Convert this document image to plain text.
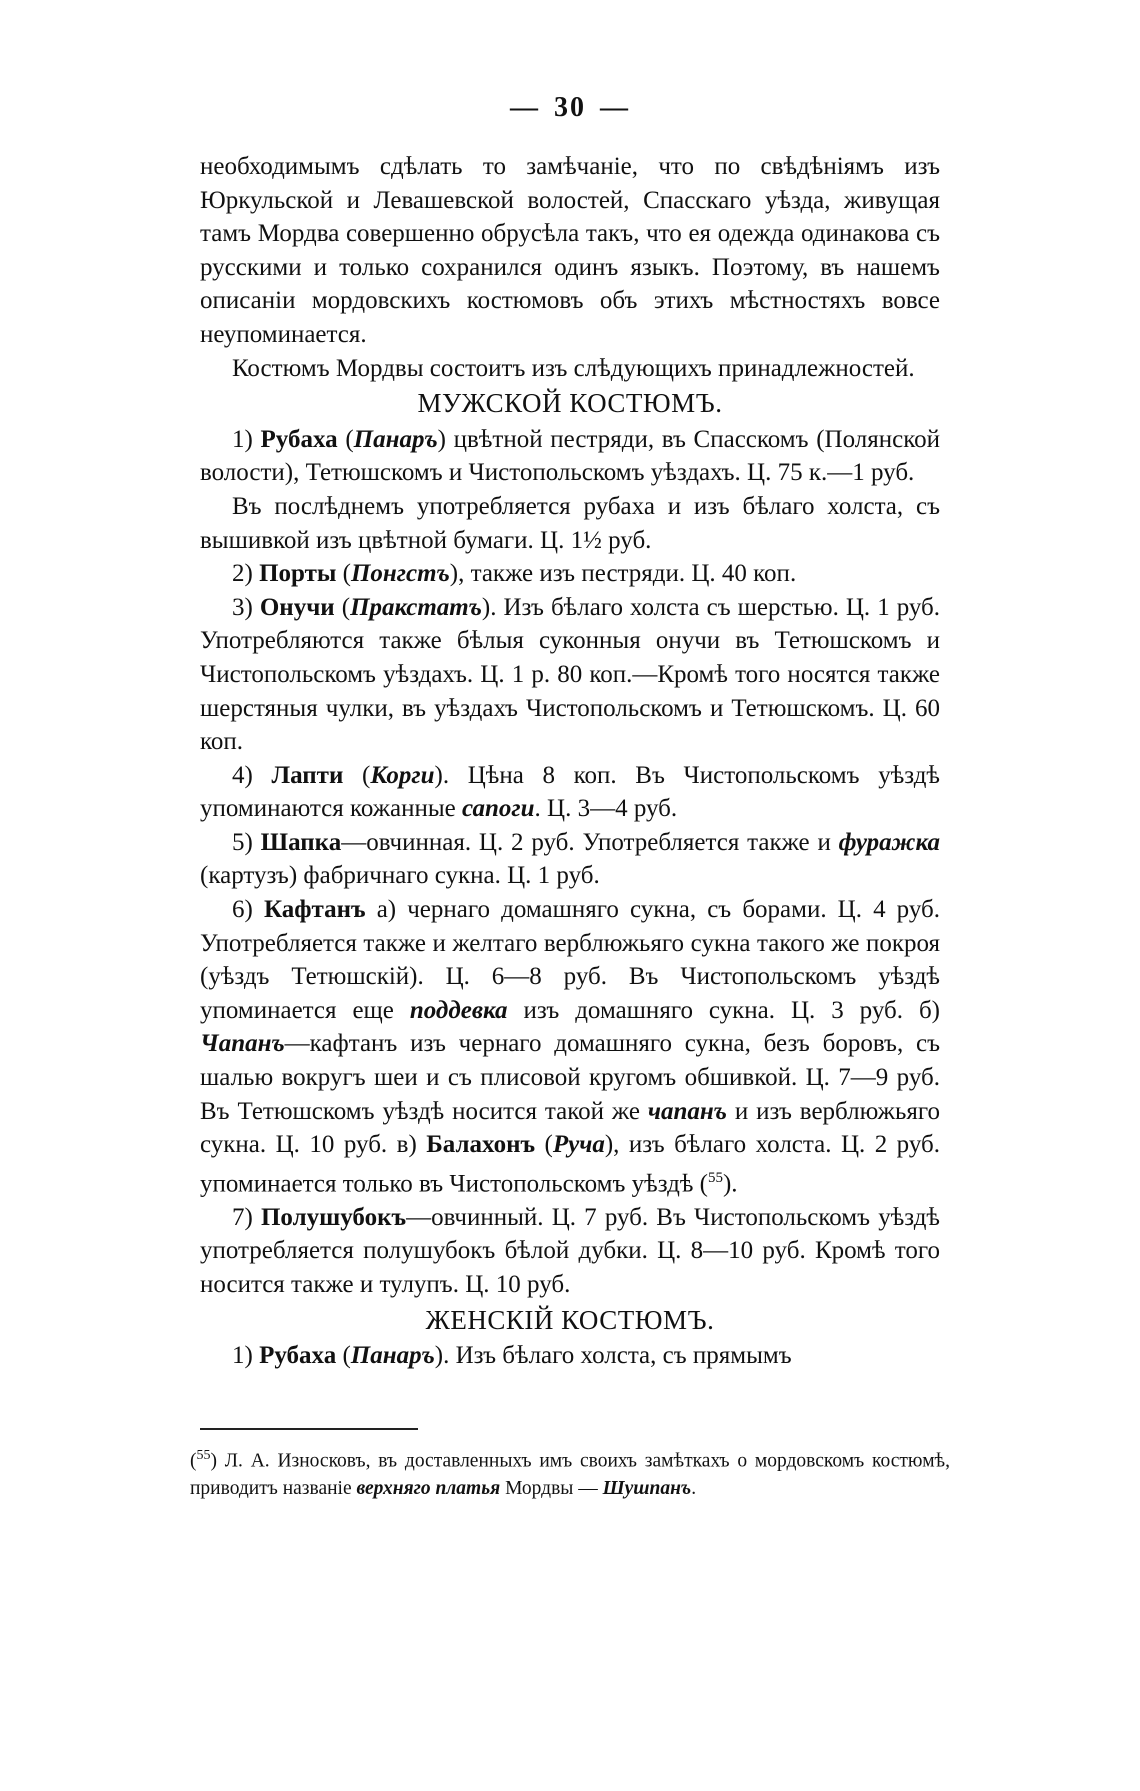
— 30 —

необходимымъ сдѣлать то замѣчаніе, что по свѣдѣніямъ изъ Юркульской и Левашевской волостей, Спасскаго уѣзда, живущая тамъ Мордва совершенно обрусѣла такъ, что ея одежда одинакова съ русскими и только сохранился одинъ языкъ. Поэтому, въ нашемъ описаніи мордовскихъ костюмовъ объ этихъ мѣстностяхъ вовсе неупоминается.

Костюмъ Мордвы состоитъ изъ слѣдующихъ принадлежностей.

МУЖСКОЙ КОСТЮМЪ.

1) Рубаха (Панаръ) цвѣтной пестряди, въ Спасскомъ (Полянской волости), Тетюшскомъ и Чистопольскомъ уѣздахъ. Ц. 75 к.—1 руб.

Въ послѣднемъ употребляется рубаха и изъ бѣлаго холста, съ вышивкой изъ цвѣтной бумаги. Ц. 1½ руб.

2) Порты (Понгстъ), также изъ пестряди. Ц. 40 коп.

3) Онучи (Пракстатъ). Изъ бѣлаго холста съ шерстью. Ц. 1 руб. Употребляются также бѣлыя суконныя онучи въ Тетюшскомъ и Чистопольскомъ уѣздахъ. Ц. 1 р. 80 коп.—Кромѣ того носятся также шерстяныя чулки, въ уѣздахъ Чистопольскомъ и Тетюшскомъ. Ц. 60 коп.

4) Лапти (Корги). Цѣна 8 коп. Въ Чистопольскомъ уѣздѣ упоминаются кожанные сапоги. Ц. 3—4 руб.

5) Шапка—овчинная. Ц. 2 руб. Употребляется также и фуражка (картузъ) фабричнаго сукна. Ц. 1 руб.

6) Кафтанъ а) чернаго домашняго сукна, съ борами. Ц. 4 руб. Употребляется также и желтаго верблюжьяго сукна такого же покроя (уѣздъ Тетюшскій). Ц. 6—8 руб. Въ Чистопольскомъ уѣздѣ упоминается еще поддевка изъ домашняго сукна. Ц. 3 руб. б) Чапанъ—кафтанъ изъ чернаго домашняго сукна, безъ боровъ, съ шалью вокругъ шеи и съ плисовой кругомъ обшивкой. Ц. 7—9 руб. Въ Тетюшскомъ уѣздѣ носится такой же чапанъ и изъ верблюжьяго сукна. Ц. 10 руб. в) Балахонъ (Руча), изъ бѣлаго холста. Ц. 2 руб. упоминается только въ Чистопольскомъ уѣздѣ ($^{55}$).

7) Полушубокъ—овчинный. Ц. 7 руб. Въ Чистопольскомъ уѣздѣ употребляется полушубокъ бѣлой дубки. Ц. 8—10 руб. Кромѣ того носится также и тулупъ. Ц. 10 руб.

ЖЕНСКІЙ КОСТЮМЪ.

1) Рубаха (Панаръ). Изъ бѣлаго холста, съ прямымъ

($^{55}$) Л. А. Износковъ, въ доставленныхъ имъ своихъ замѣткахъ о мордовскомъ костюмѣ, приводитъ названіе верхняго платья Мордвы — Шушпанъ.
